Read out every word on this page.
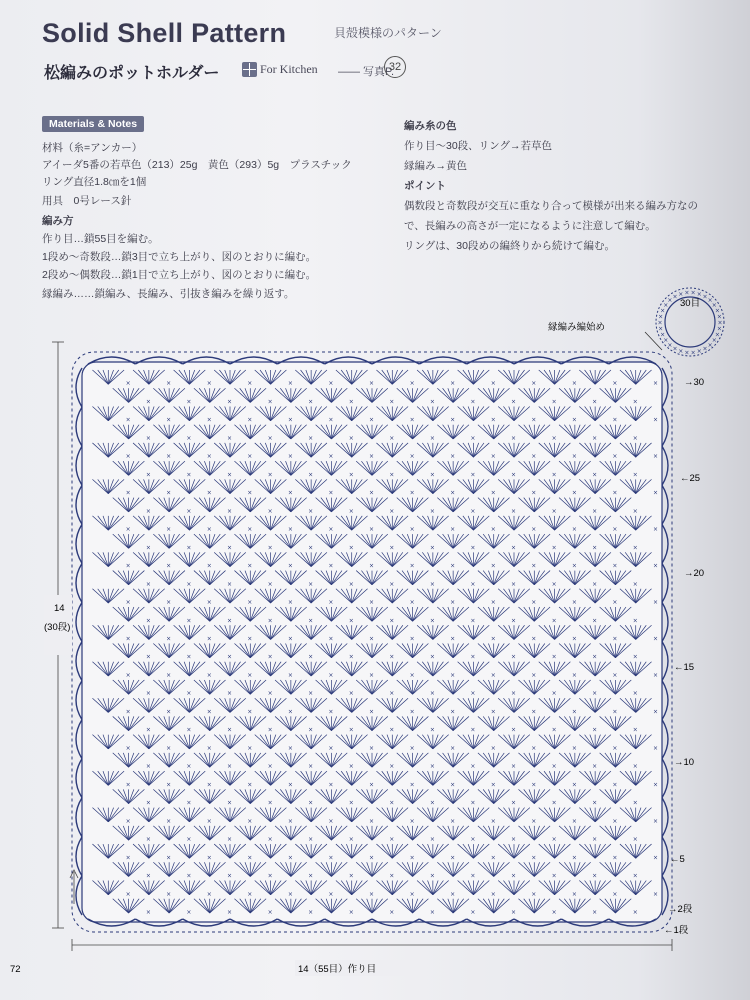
Solid Shell Pattern	貝殻模様のパターン
松編みのポットホルダー	For Kitchen —— 写真P.
32
Materials & Notes
材料（糸=アンカー）
アイーダ5番の若草色（213）25g　黄色（293）5g　プラスチック
リング直径1.8㎝を1個
用具　0号レース針
編み方
作り目…鎖55目を編む。
1段め～奇数段…鎖3目で立ち上がり、図のとおりに編む。
2段め～偶数段…鎖1目で立ち上がり、図のとおりに編む。
縁編み……鎖編み、長編み、引抜き編みを繰り返す。
編み糸の色
作り目～30段、リング→若草色
縁編み→黄色
ポイント
偶数段と奇数段が交互に重なり合って模様が出来る編み方なの
で、長編みの高さが一定になるように注意して編む。
リングは、30段めの編終りから続けて編む。
×	×	×	×	×	×	×	×	×	×	×	×	×
×	×	×	×	×	×	×	×	×	×	×	×	×	×
×	×	×	×	×	×	×	×	×	×	×	×	×
×	×	×	×	×	×	×	×	×	×	×	×	×	×
×	×	×	×	×	×	×	×	×	×	×	×	×
×	×	×	×	×	×	×	×	×	×	×	×	×	×
×	×	×	×	×	×	×	×	×	×	×	×	×
×	×	×	×	×	×	×	×	×	×	×	×	×	×
×	×	×	×	×	×	×	×	×	×	×	×	×
×	×	×	×	×	×	×	×	×	×	×	×	×	×
×	×	×	×	×	×	×	×	×	×	×	×	×
×	×	×	×	×	×	×	×	×	×	×	×	×	×
×	×	×	×	×	×	×	×	×	×	×	×	×
×	×	×	×	×	×	×	×	×	×	×	×	×	×
×	×	×	×	×	×	×	×	×	×	×	×	×
×	×	×	×	×	×	×	×	×	×	×	×	×	×
×	×	×	×	×	×	×	×	×	×	×	×	×
×	×	×	×	×	×	×	×	×	×	×	×	×	×
×	×	×	×	×	×	×	×	×	×	×	×	×
×	×	×	×	×	×	×	×	×	×	×	×	×	×
×	×	×	×	×	×	×	×	×	×	×	×	×
×	×	×	×	×	×	×	×	×	×	×	×	×	×
×	×	×	×	×	×	×	×	×	×	×	×	×
×	×	×	×	×	×	×	×	×	×	×	×	×	×
×	×	×	×	×	×	×	×	×	×	×	×	×
×	×	×	×	×	×	×	×	×	×	×	×	×	×
×	×	×	×	×	×	×	×	×	×	×	×	×
×	×	×	×	×	×	×	×	×	×	×	×	×	×
×	×	×	×	×	×	×	×	×	×	×	×	×
×	×	×	×	×	×	×	×	×	×	×	×	×	×
×
×
×
×
×
×
×
×
×
×
×
×
×
×
×
×
×
×
×
×
× × × × × ×
×
×
×
×
30目
縁編み編始め
→30
←25
→20
←15
→10
←5
→2段
←1段
14
(30段)
14（55目）作り目
72
